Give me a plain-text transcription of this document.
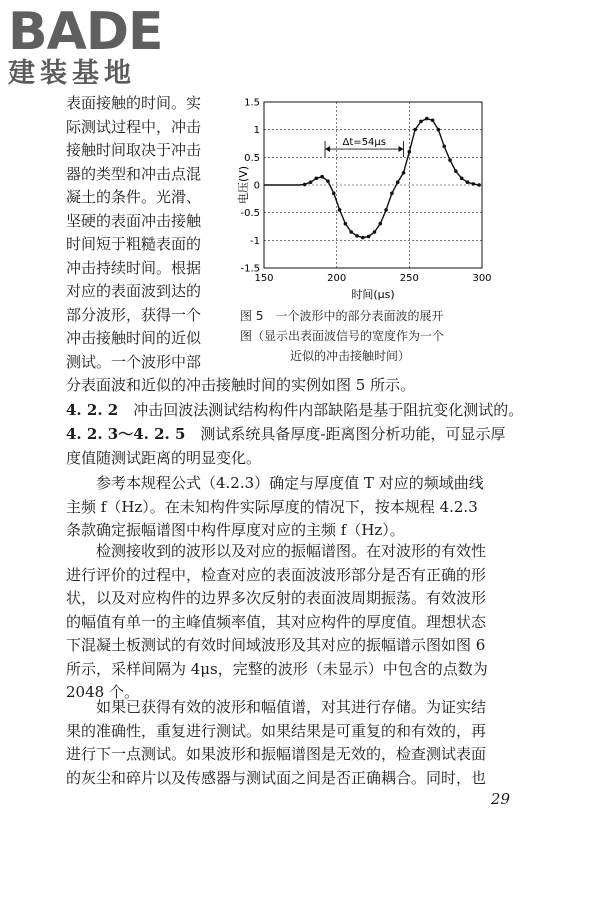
BADE
建装基地
表面接触的时间。实
际测试过程中，冲击
接触时间取决于冲击
器的类型和冲击点混
凝土的条件。光滑、
坚硬的表面冲击接触
时间短于粗糙表面的
冲击持续时间。根据
对应的表面波到达的
部分波形，获得一个
冲击接触时间的近似
测试。一个波形中部
150	200	250	300
-1.5
-1
-0.5
0
0.5
1
1.5
Δt=54μs
时间(μs)
电压(V)
图 5　一个波形中的部分表面波的展开
图（显示出表面波信号的宽度作为一个
近似的冲击接触时间）
分表面波和近似的冲击接触时间的实例如图 5 所示。
4. 2. 2  冲击回波法测试结构构件内部缺陷是基于阻抗变化测试的。
4. 2. 3～4. 2. 5  测试系统具备厚度-距离图分析功能，可显示厚
度值随测试距离的明显变化。
参考本规程公式（4.2.3）确定与厚度值 T 对应的频域曲线
主频 f（Hz）。在未知构件实际厚度的情况下，按本规程 4.2.3
条款确定振幅谱图中构件厚度对应的主频 f（Hz）。
检测接收到的波形以及对应的振幅谱图。在对波形的有效性
进行评价的过程中，检查对应的表面波波形部分是否有正确的形
状，以及对应构件的边界多次反射的表面波周期振荡。有效波形
的幅值有单一的主峰值频率值，其对应构件的厚度值。理想状态
下混凝土板测试的有效时间域波形及其对应的振幅谱示图如图 6
所示，采样间隔为 4μs，完整的波形（未显示）中包含的点数为
2048 个。
如果已获得有效的波形和幅值谱，对其进行存储。为证实结
果的准确性，重复进行测试。如果结果是可重复的和有效的，再
进行下一点测试。如果波形和振幅谱图是无效的，检查测试表面
的灰尘和碎片以及传感器与测试面之间是否正确耦合。同时，也
29
